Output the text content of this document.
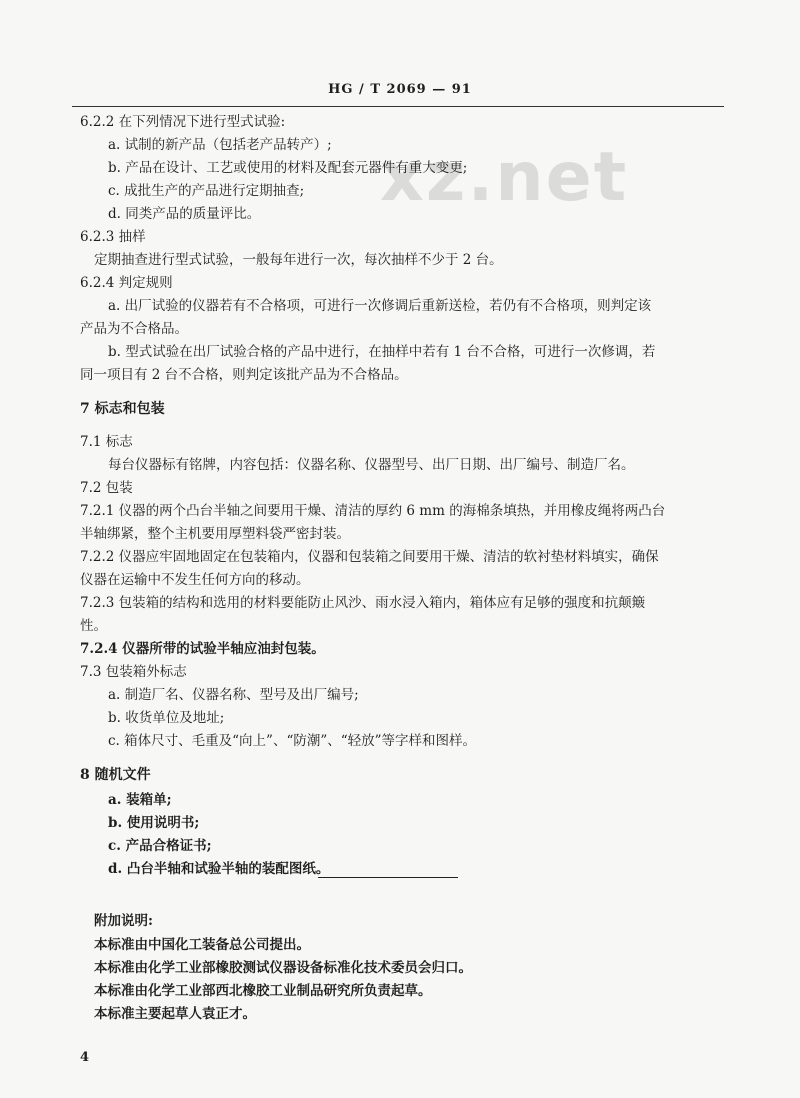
HG / T 2069 — 91
xz.net
6.2.2 在下列情况下进行型式试验:
a. 试制的新产品（包括老产品转产）;
b. 产品在设计、工艺或使用的材料及配套元器件有重大变更;
c. 成批生产的产品进行定期抽查;
d. 同类产品的质量评比。
6.2.3 抽样
定期抽查进行型式试验，一般每年进行一次，每次抽样不少于 2 台。
6.2.4 判定规则
a. 出厂试验的仪器若有不合格项，可进行一次修调后重新送检，若仍有不合格项，则判定该
产品为不合格品。
b. 型式试验在出厂试验合格的产品中进行，在抽样中若有 1 台不合格，可进行一次修调，若
同一项目有 2 台不合格，则判定该批产品为不合格品。
7 标志和包装
7.1 标志
每台仪器标有铭牌，内容包括：仪器名称、仪器型号、出厂日期、出厂编号、制造厂名。
7.2 包装
7.2.1 仪器的两个凸台半轴之间要用干燥、清洁的厚约 6 mm 的海棉条填热，并用橡皮绳将两凸台
半轴绑紧，整个主机要用厚塑料袋严密封装。
7.2.2 仪器应牢固地固定在包装箱内，仪器和包装箱之间要用干燥、清洁的软衬垫材料填实，确保
仪器在运输中不发生任何方向的移动。
7.2.3 包装箱的结构和选用的材料要能防止风沙、雨水浸入箱内，箱体应有足够的强度和抗颠簸
性。
7.2.4 仪器所带的试验半轴应油封包装。
7.3 包装箱外标志
a. 制造厂名、仪器名称、型号及出厂编号;
b. 收货单位及地址;
c. 箱体尺寸、毛重及“向上”、“防潮”、“轻放”等字样和图样。
8 随机文件
a. 装箱单;
b. 使用说明书;
c. 产品合格证书;
d. 凸台半轴和试验半轴的装配图纸。
附加说明:
本标准由中国化工装备总公司提出。
本标准由化学工业部橡胶测试仪器设备标准化技术委员会归口。
本标准由化学工业部西北橡胶工业制品研究所负责起草。
本标准主要起草人袁正才。
4
